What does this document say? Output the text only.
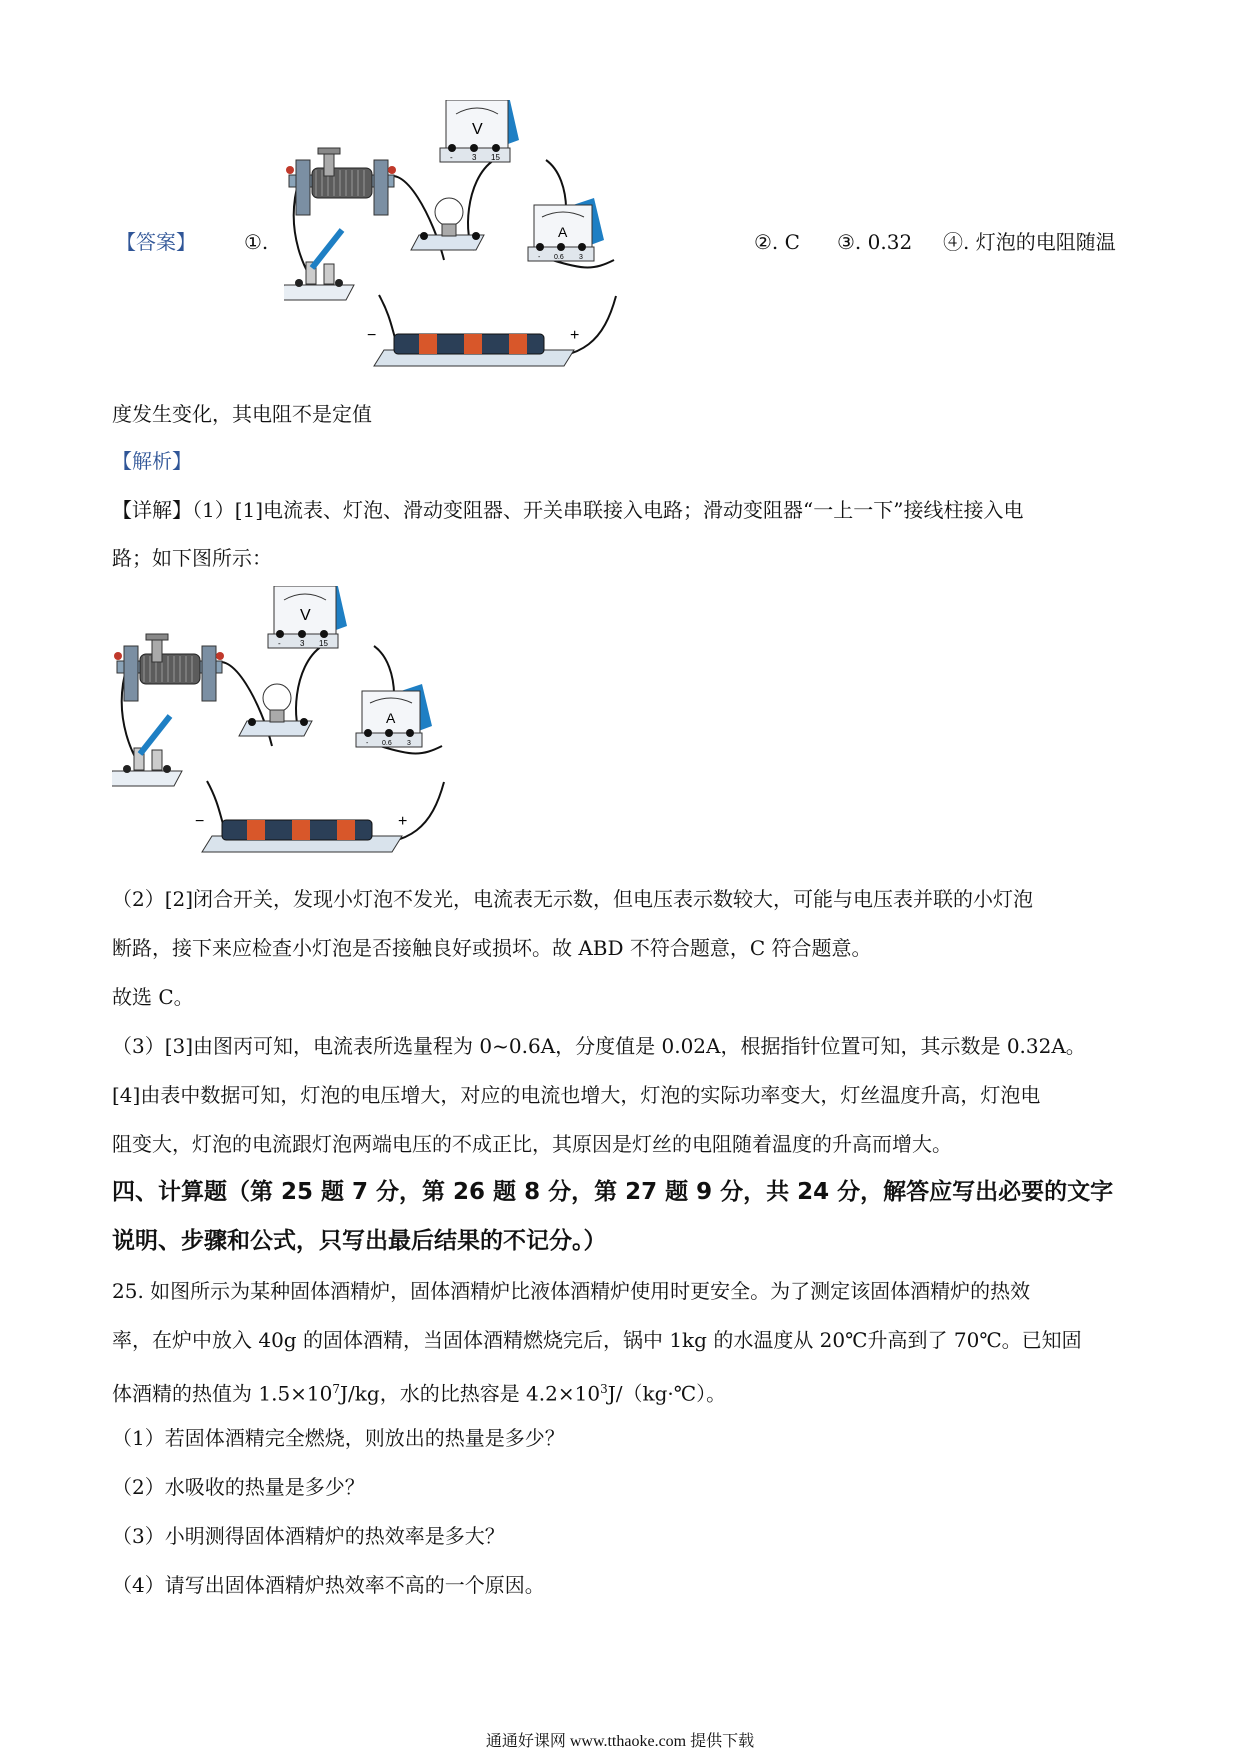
【答案】 ①.	②. C ③. 0.32 ④. 灯泡的电阻随温
V
- 3 15
A
- 0.6 3
−	+
度发生变化，其电阻不是定值
【解析】
【详解】（1）[1]电流表、灯泡、滑动变阻器、开关串联接入电路；滑动变阻器“一上一下”接线柱接入电
路；如下图所示：
V
- 3 15
A
- 0.6 3
−	+
（2）[2]闭合开关，发现小灯泡不发光，电流表无示数，但电压表示数较大，可能与电压表并联的小灯泡
断路，接下来应检查小灯泡是否接触良好或损坏。故 ABD 不符合题意，C 符合题意。
故选 C。
（3）[3]由图丙可知，电流表所选量程为 0~0.6A，分度值是 0.02A，根据指针位置可知，其示数是 0.32A。
[4]由表中数据可知，灯泡的电压增大，对应的电流也增大，灯泡的实际功率变大，灯丝温度升高，灯泡电
阻变大，灯泡的电流跟灯泡两端电压的不成正比，其原因是灯丝的电阻随着温度的升高而增大。
四、计算题（第 25 题 7 分，第 26 题 8 分，第 27 题 9 分，共 24 分，解答应写出必要的文字
说明、步骤和公式，只写出最后结果的不记分。）
25. 如图所示为某种固体酒精炉，固体酒精炉比液体酒精炉使用时更安全。为了测定该固体酒精炉的热效
率，在炉中放入 40g 的固体酒精，当固体酒精燃烧完后，锅中 1kg 的水温度从 20℃升高到了 70℃。已知固
体酒精的热值为 $1.5\times 10^7J/kg$，水的比热容是 $4.2\times 10^3J/(kg\cdot℃)$。
（1）若固体酒精完全燃烧，则放出的热量是多少？
（2）水吸收的热量是多少？
（3）小明测得固体酒精炉的热效率是多大？
（4）请写出固体酒精炉热效率不高的一个原因。
通通好课网 www.tthaoke.com 提供下载
